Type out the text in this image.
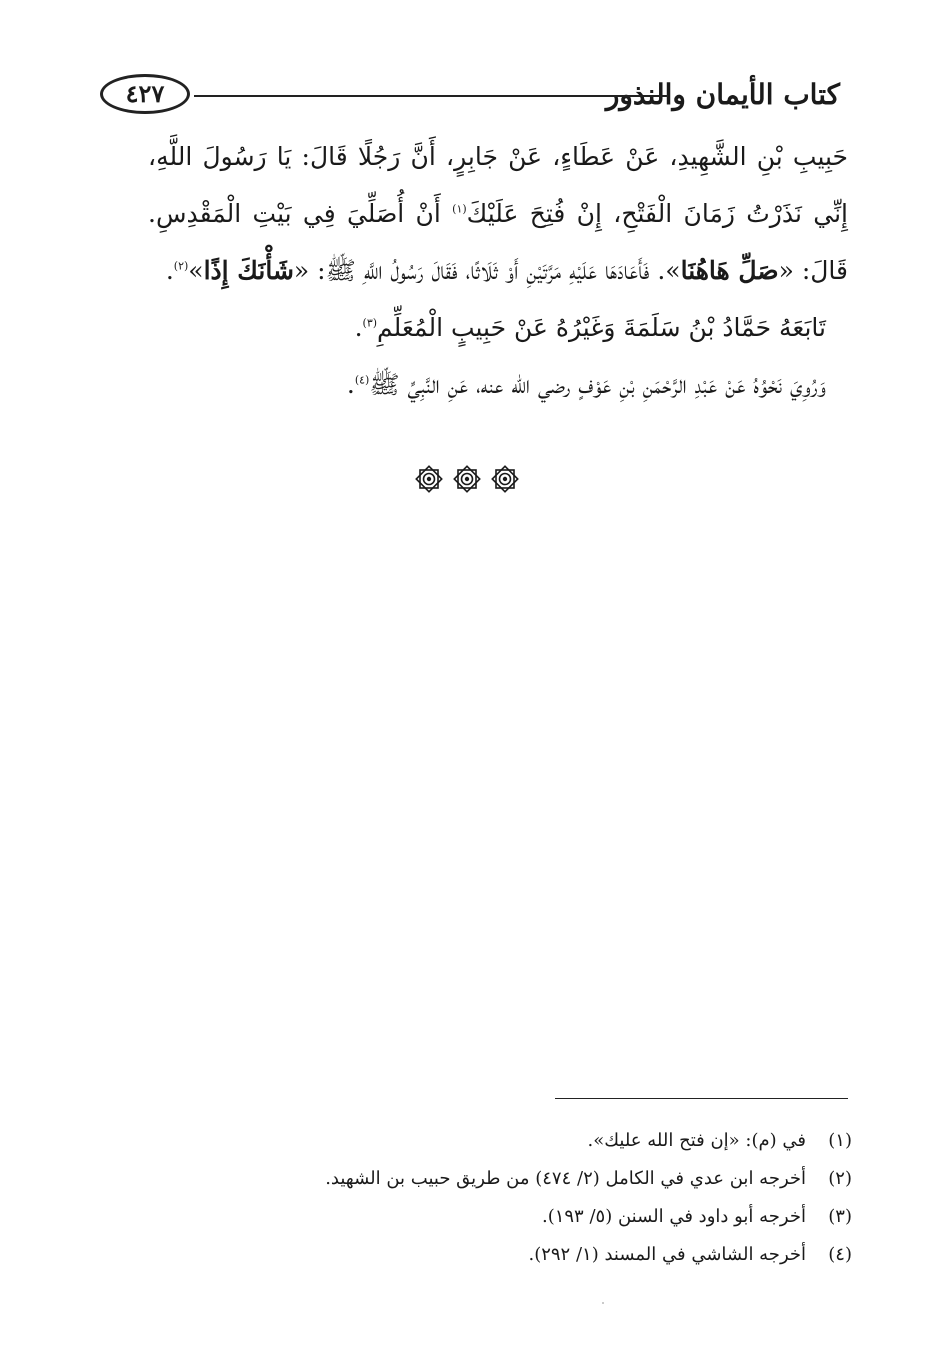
كتاب الأيمان والنذور
٤٢٧

حَبِيبِ بْنِ الشَّهِيدِ، عَنْ عَطَاءٍ، عَنْ جَابِرٍ، أَنَّ رَجُلًا قَالَ: يَا رَسُولَ اللَّهِ، إِنِّي نَذَرْتُ زَمَانَ الْفَتْحِ، إِنْ فُتِحَ عَلَيْكَ$^{(١)}$ أَنْ أُصَلِّيَ فِي بَيْتِ الْمَقْدِسِ. قَالَ: «صَلِّ هَاهُنَا». فَأَعَادَهَا عَلَيْهِ مَرَّتَيْنِ أَوْ ثَلَاثًا، فَقَالَ رَسُولُ اللَّهِ ﷺ: «شَأْنَكَ إِذًا»$^{(٢)}$.

تَابَعَهُ حَمَّادُ بْنُ سَلَمَةَ وَغَيْرُهُ عَنْ حَبِيبٍ الْمُعَلِّمِ$^{(٣)}$.

وَرُوِيَ نَحْوُهُ عَنْ عَبْدِ الرَّحْمَنِ بْنِ عَوْفٍ رضي الله عنه، عَنِ النَّبِيِّ ﷺ$^{(٤)}$.

(١)
في (م): «إن فتح الله عليك».
(٢)
أخرجه ابن عدي في الكامل (٢/ ٤٧٤) من طريق حبيب بن الشهيد.
(٣)
أخرجه أبو داود في السنن (٥/ ١٩٣).
(٤)
أخرجه الشاشي في المسند (١/ ٢٩٢).
